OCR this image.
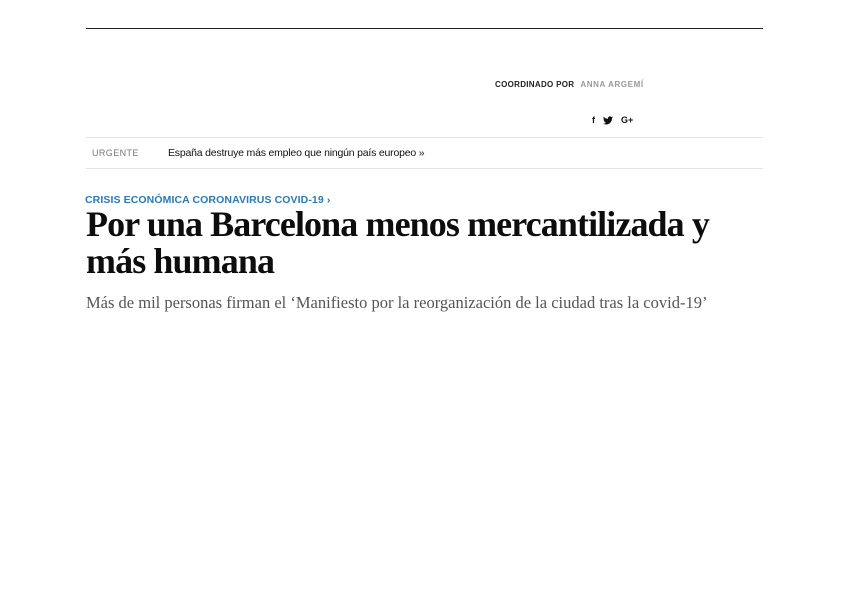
COORDINADO POR ANNA ARGEMÍ
f	G+
URGENTE	España destruye más empleo que ningún país europeo »
CRISIS ECONÓMICA CORONAVIRUS COVID-19 ›
Por una Barcelona menos mercantilizada y más humana

Más de mil personas firman el ‘Manifiesto por la reorganización de la ciudad tras la covid-19’
